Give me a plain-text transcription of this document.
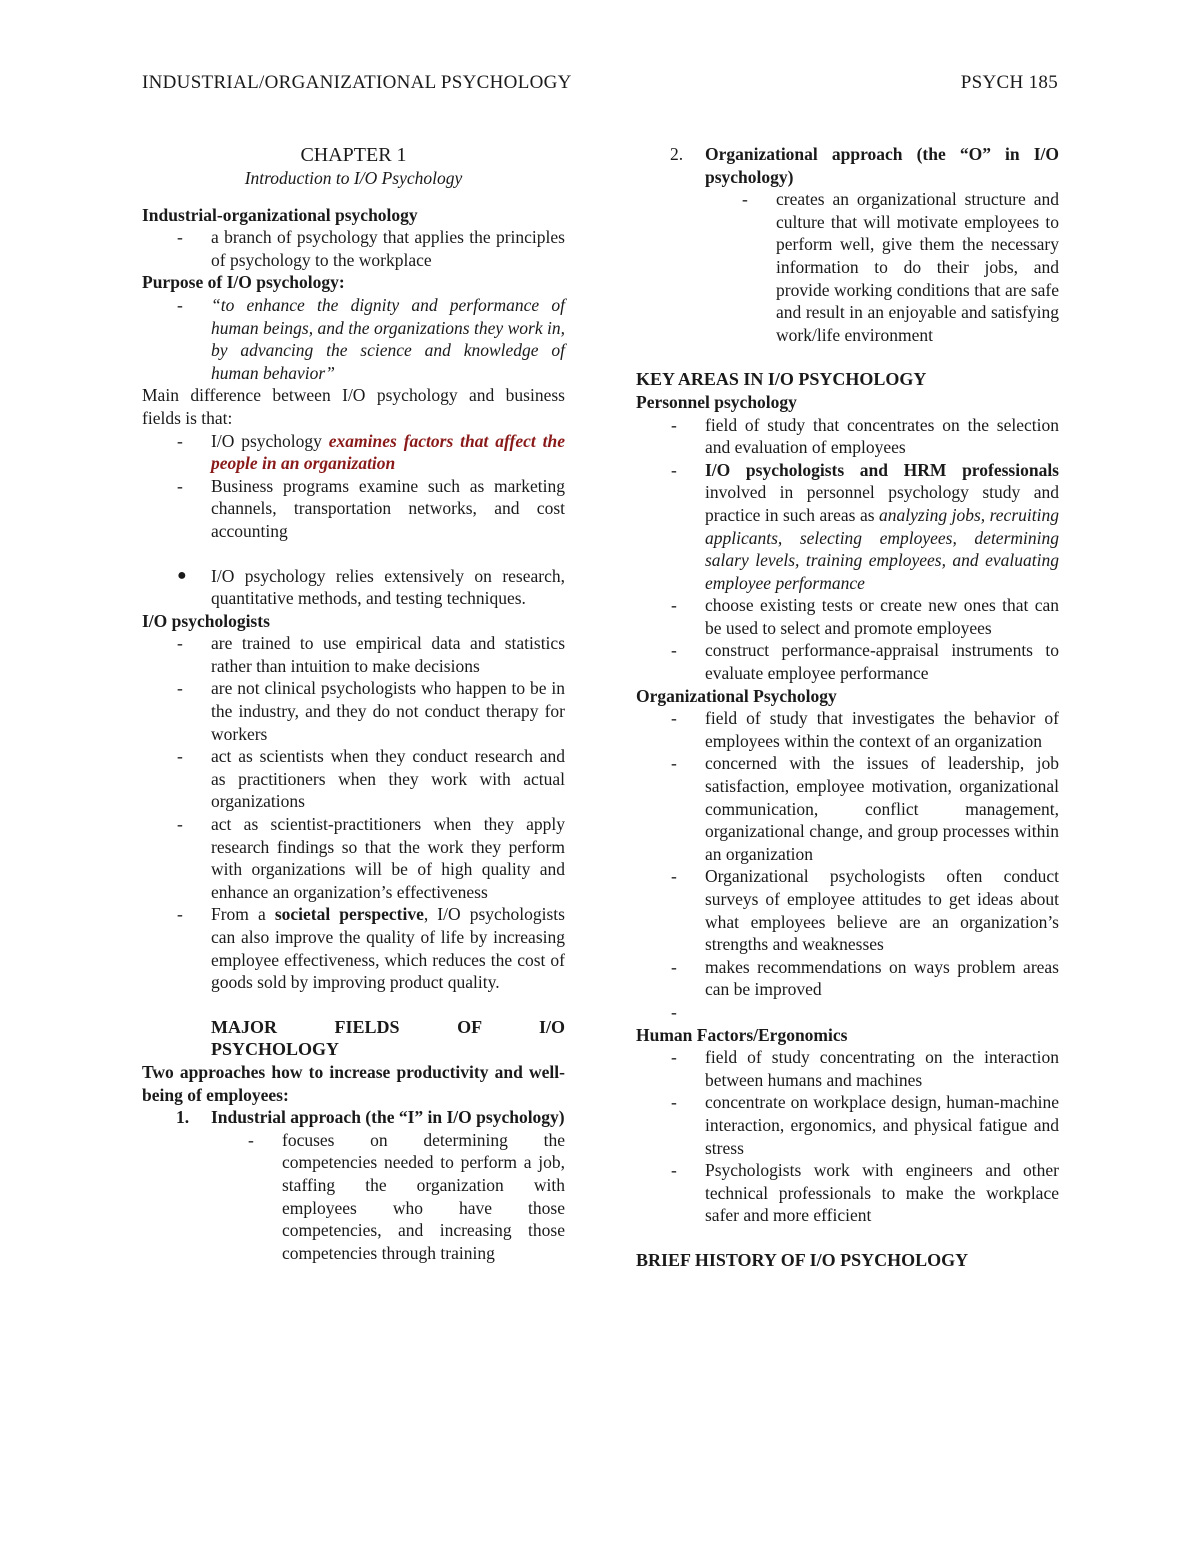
INDUSTRIAL/ORGANIZATIONAL PSYCHOLOGY	PSYCH 185
CHAPTER 1
Introduction to I/O Psychology
Industrial-organizational psychology
- a branch of psychology that applies the principles of psychology to the workplace
Purpose of I/O psychology:
- “to enhance the dignity and performance of human beings, and the organizations they work in, by advancing the science and knowledge of human behavior”
Main difference between I/O psychology and business fields is that:
- I/O psychology examines factors that affect the people in an organization
- Business programs examine such as marketing channels, transportation networks, and cost accounting
● I/O psychology relies extensively on research, quantitative methods, and testing techniques.
I/O psychologists
- are trained to use empirical data and statistics rather than intuition to make decisions
- are not clinical psychologists who happen to be in the industry, and they do not conduct therapy for workers
- act as scientists when they conduct research and as practitioners when they work with actual organizations
- act as scientist-practitioners when they apply research findings so that the work they perform with organizations will be of high quality and enhance an organization’s effectiveness
- From a societal perspective, I/O psychologists can also improve the quality of life by increasing employee effectiveness, which reduces the cost of goods sold by improving product quality.
MAJOR FIELDS OF I/O
PSYCHOLOGY
Two approaches how to increase productivity and well-being of employees:
1. Industrial approach (the “I” in I/O psychology)
- focuses on determining the competencies needed to perform a job, staffing the organization with employees who have those competencies, and increasing those competencies through training
2. Organizational approach (the “O” in I/O psychology)
- creates an organizational structure and culture that will motivate employees to perform well, give them the necessary information to do their jobs, and provide working conditions that are safe and result in an enjoyable and satisfying work/life environment
KEY AREAS IN I/O PSYCHOLOGY
Personnel psychology
- field of study that concentrates on the selection and evaluation of employees
- I/O psychologists and HRM professionals involved in personnel psychology study and practice in such areas as analyzing jobs, recruiting applicants, selecting employees, determining salary levels, training employees, and evaluating employee performance
- choose existing tests or create new ones that can be used to select and promote employees
- construct performance-appraisal instruments to evaluate employee performance
Organizational Psychology
- field of study that investigates the behavior of employees within the context of an organization
- concerned with the issues of leadership, job satisfaction, employee motivation, organizational communication, conflict management, organizational change, and group processes within an organization
- Organizational psychologists often conduct surveys of employee attitudes to get ideas about what employees believe are an organization’s strengths and weaknesses
- makes recommendations on ways problem areas can be improved
-

Human Factors/Ergonomics
- field of study concentrating on the interaction between humans and machines
- concentrate on workplace design, human-machine interaction, ergonomics, and physical fatigue and stress
- Psychologists work with engineers and other technical professionals to make the workplace safer and more efficient
BRIEF HISTORY OF I/O PSYCHOLOGY
